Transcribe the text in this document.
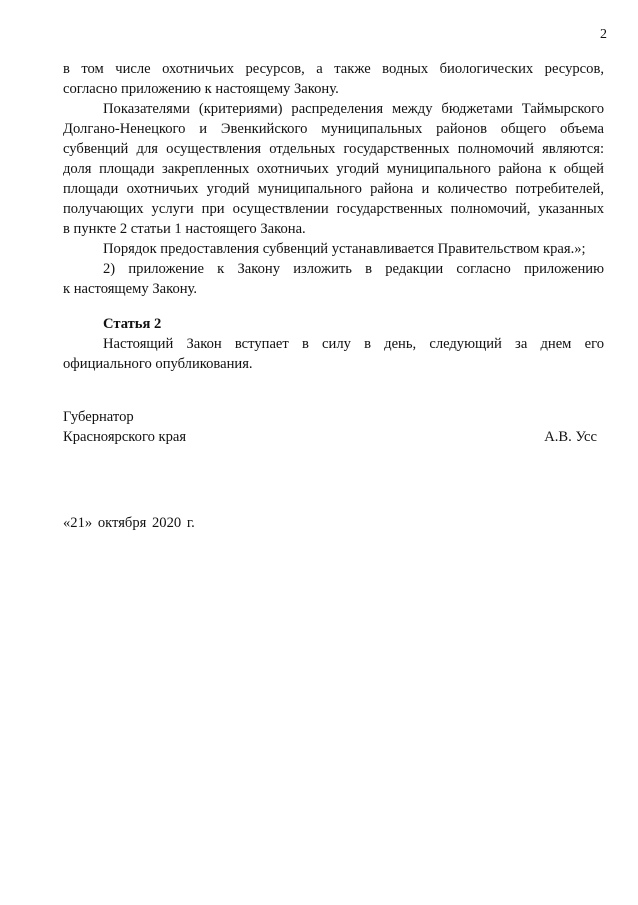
2
в том числе охотничьих ресурсов, а также водных биологических ресурсов,
согласно приложению к настоящему Закону.
Показателями (критериями) распределения между бюджетами Таймырского
Долгано-Ненецкого и Эвенкийского муниципальных районов общего объема
субвенций для осуществления отдельных государственных полномочий являются:
доля площади закрепленных охотничьих угодий муниципального района к общей
площади охотничьих угодий муниципального района и количество потребителей,
получающих услуги при осуществлении государственных полномочий, указанных
в пункте 2 статьи 1 настоящего Закона.
Порядок предоставления субвенций устанавливается Правительством края.»;
2) приложение к Закону изложить в редакции согласно приложению
к настоящему Закону.
Статья 2
Настоящий Закон вступает в силу в день, следующий за днем его
официального опубликования.
Губернатор
Красноярского края	А.В. Усс
«21» октября 2020 г.
